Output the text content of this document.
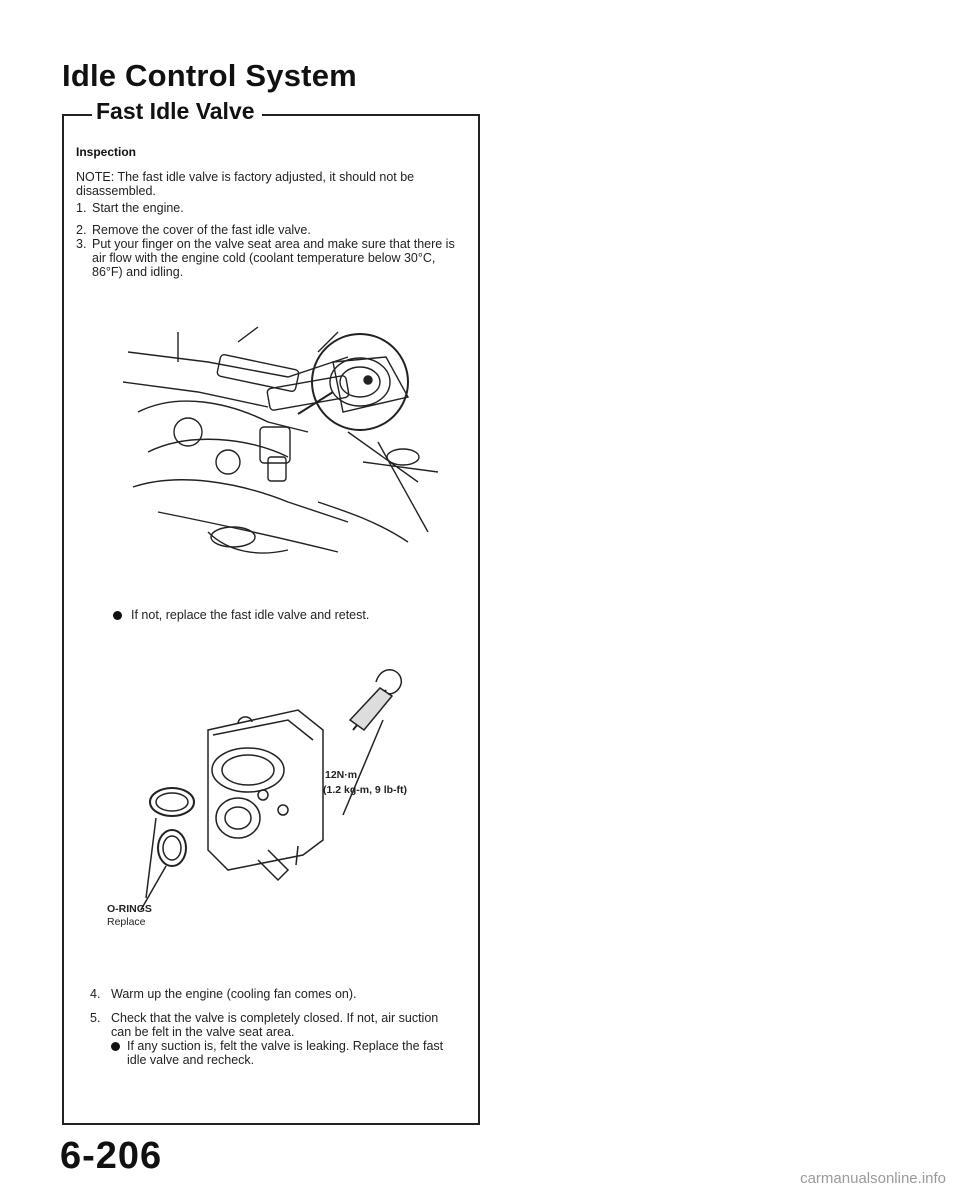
Idle Control System
Fast Idle Valve
Inspection
NOTE: The fast idle valve is factory adjusted, it should not be disassembled.
1. Start the engine.
2. Remove the cover of the fast idle valve.
3. Put your finger on the valve seat area and make sure that there is air flow with the engine cold (coolant temperature below 30°C, 86°F) and idling.
If not, replace the fast idle valve and retest.
12N·m
(1.2 kg-m, 9 lb-ft)
O-RINGS
Replace
4. Warm up the engine (cooling fan comes on).
5. Check that the valve is completely closed. If not, air suction can be felt in the valve seat area.
If any suction is, felt the valve is leaking. Replace the fast idle valve and recheck.
6-206
carmanualsonline.info
